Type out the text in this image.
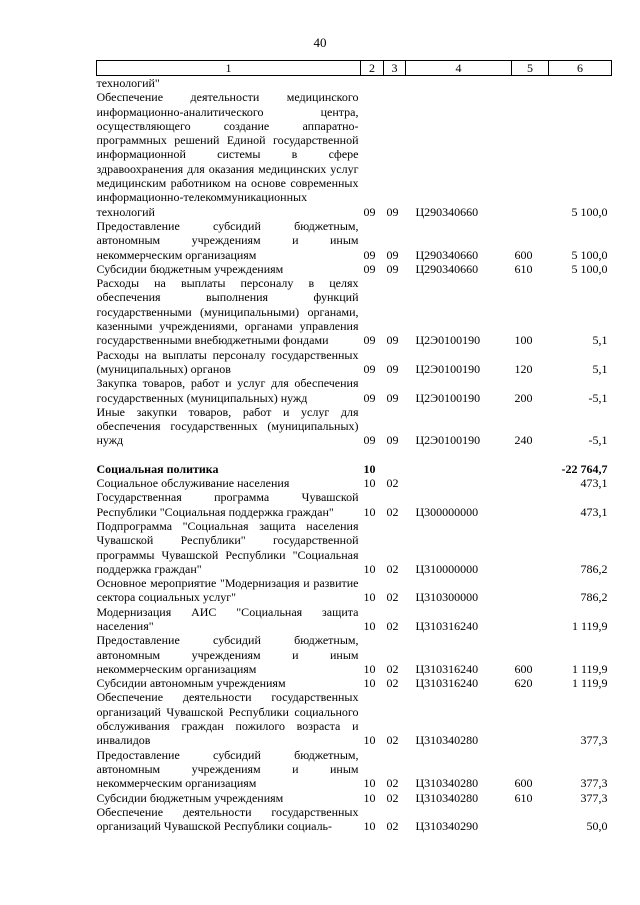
40
1	2	3	4	5	6
технологий"					
Обеспечение деятельности медицинского информационно-аналитического центра, осуществляющего создание аппаратно-программных решений Единой государственной информационной системы в сфере здравоохранения для оказания медицинских услуг медицинским работником на основе современных информационно-телекоммуникационных технологий	09	09	Ц290340660		5 100,0
Предоставление субсидий бюджетным, автономным учреждениям и иным некоммерческим организациям	09	09	Ц290340660	600	5 100,0
Субсидии бюджетным учреждениям	09	09	Ц290340660	610	5 100,0
Расходы на выплаты персоналу в целях обеспечения выполнения функций государственными (муниципальными) органами, казенными учреждениями, органами управления государственными внебюджетными фондами	09	09	Ц2Э0100190	100	5,1
Расходы на выплаты персоналу государственных (муниципальных) органов	09	09	Ц2Э0100190	120	5,1
Закупка товаров, работ и услуг для обеспечения государственных (муниципальных) нужд	09	09	Ц2Э0100190	200	-5,1
Иные закупки товаров, работ и услуг для обеспечения государственных (муниципальных) нужд	09	09	Ц2Э0100190	240	-5,1

Социальная политика	10				-22 764,7
Социальное обслуживание населения	10	02			473,1
Государственная программа Чувашской Республики "Социальная поддержка граждан"	10	02	Ц300000000		473,1
Подпрограмма "Социальная защита населения Чувашской Республики" государственной программы Чувашской Республики "Социальная поддержка граждан"	10	02	Ц310000000		786,2
Основное мероприятие "Модернизация и развитие сектора социальных услуг"	10	02	Ц310300000		786,2
Модернизация АИС "Социальная защита населения"	10	02	Ц310316240		1 119,9
Предоставление субсидий бюджетным, автономным учреждениям и иным некоммерческим организациям	10	02	Ц310316240	600	1 119,9
Субсидии автономным учреждениям	10	02	Ц310316240	620	1 119,9
Обеспечение деятельности государственных организаций Чувашской Республики социального обслуживания граждан пожилого возраста и инвалидов	10	02	Ц310340280		377,3
Предоставление субсидий бюджетным, автономным учреждениям и иным некоммерческим организациям	10	02	Ц310340280	600	377,3
Субсидии бюджетным учреждениям	10	02	Ц310340280	610	377,3
Обеспечение деятельности государственных организаций Чувашской Республики социаль-	10	02	Ц310340290		50,0
